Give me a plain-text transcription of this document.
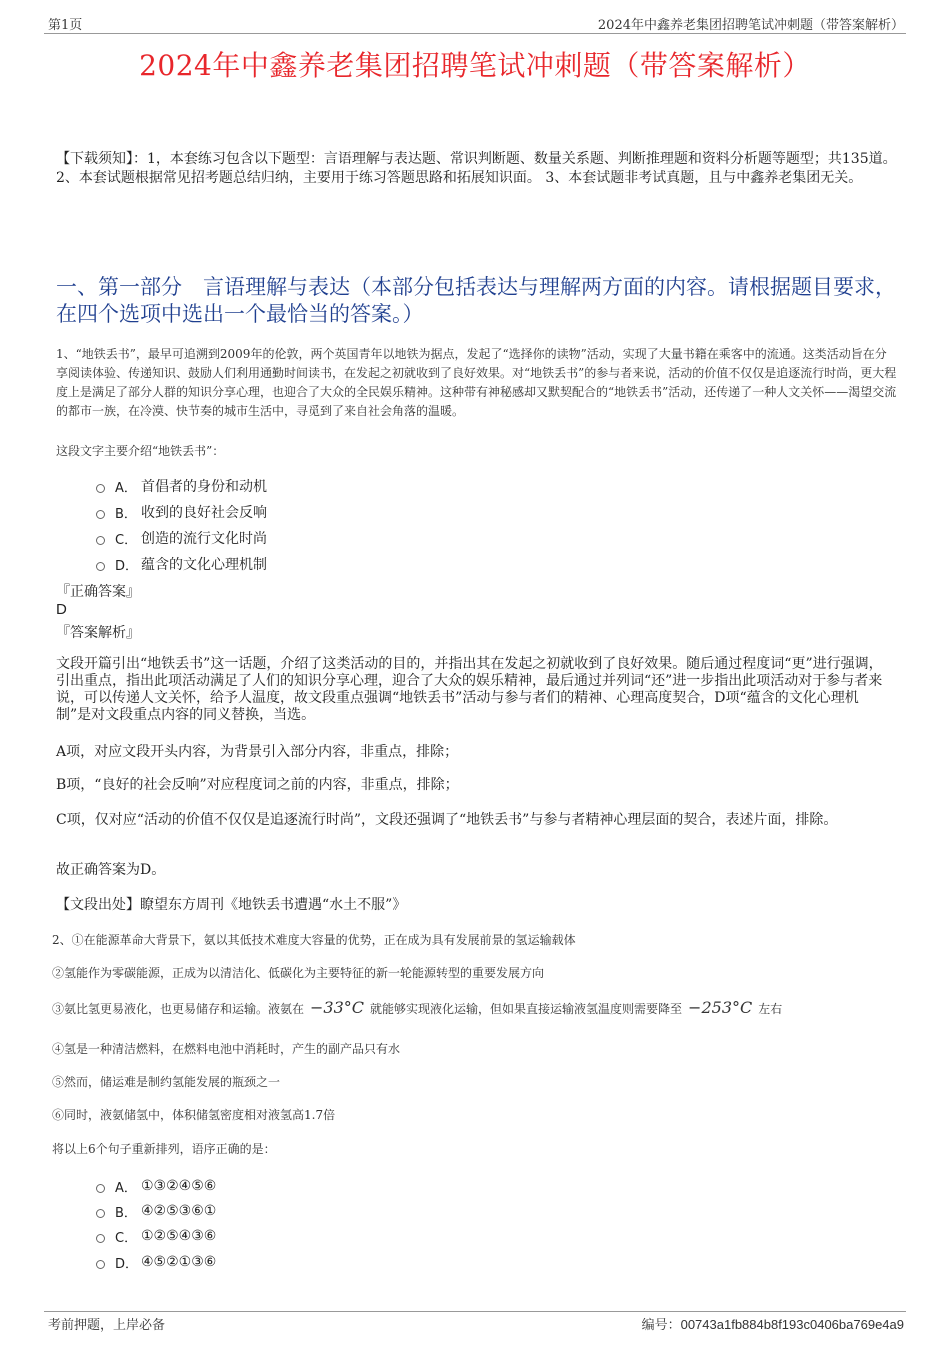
第1页	2024年中鑫养老集团招聘笔试冲刺题（带答案解析）
2024年中鑫养老集团招聘笔试冲刺题（带答案解析）
【下载须知】：1，本套练习包含以下题型：言语理解与表达题、常识判断题、数量关系题、判断推理题和资料分析题等题型；共135道。 2、本套试题根据常见招考题总结归纳，主要用于练习答题思路和拓展知识面。 3、本套试题非考试真题，且与中鑫养老集团无关。
一、第一部分　言语理解与表达（本部分包括表达与理解两方面的内容。请根据题目要求，在四个选项中选出一个最恰当的答案。）
1、“地铁丢书”，最早可追溯到2009年的伦敦，两个英国青年以地铁为据点，发起了“选择你的读物”活动，实现了大量书籍在乘客中的流通。这类活动旨在分享阅读体验、传递知识、鼓励人们利用通勤时间读书，在发起之初就收到了良好效果。对“地铁丢书”的参与者来说，活动的价值不仅仅是追逐流行时尚，更大程度上是满足了部分人群的知识分享心理，也迎合了大众的全民娱乐精神。这种带有神秘感却又默契配合的“地铁丢书”活动，还传递了一种人文关怀——渴望交流的都市一族，在冷漠、快节奏的城市生活中，寻觅到了来自社会角落的温暖。
这段文字主要介绍“地铁丢书”：
A． 首倡者的身份和动机
B． 收到的良好社会反响
C． 创造的流行文化时尚
D． 蕴含的文化心理机制
『正确答案』
D
『答案解析』
文段开篇引出“地铁丢书”这一话题，介绍了这类活动的目的，并指出其在发起之初就收到了良好效果。随后通过程度词“更”进行强调，引出重点，指出此项活动满足了人们的知识分享心理，迎合了大众的娱乐精神，最后通过并列词“还”进一步指出此项活动对于参与者来说，可以传递人文关怀，给予人温度，故文段重点强调“地铁丢书”活动与参与者们的精神、心理高度契合，D项“蕴含的文化心理机制”是对文段重点内容的同义替换，当选。
A项，对应文段开头内容，为背景引入部分内容，非重点，排除；
B项，“良好的社会反响”对应程度词之前的内容，非重点，排除；
C项，仅对应“活动的价值不仅仅是追逐流行时尚”，文段还强调了“地铁丢书”与参与者精神心理层面的契合，表述片面，排除。
故正确答案为D。
【文段出处】瞭望东方周刊《地铁丢书遭遇“水土不服”》
2、①在能源革命大背景下，氨以其低技术难度大容量的优势，正在成为具有发展前景的氢运输载体
②氢能作为零碳能源，正成为以清洁化、低碳化为主要特征的新一轮能源转型的重要发展方向
③氨比氢更易液化，也更易储存和运输。液氨在 −33°C 就能够实现液化运输，但如果直接运输液氢温度则需要降至 −253°C 左右
④氢是一种清洁燃料，在燃料电池中消耗时，产生的副产品只有水
⑤然而，储运难是制约氢能发展的瓶颈之一
⑥同时，液氨储氢中，体积储氢密度相对液氢高1.7倍
将以上6个句子重新排列，语序正确的是：
A． ①③②④⑤⑥
B． ④②⑤③⑥①
C． ①②⑤④③⑥
D． ④⑤②①③⑥
考前押题，上岸必备	编号：00743a1fb884b8f193c0406ba769e4a9
